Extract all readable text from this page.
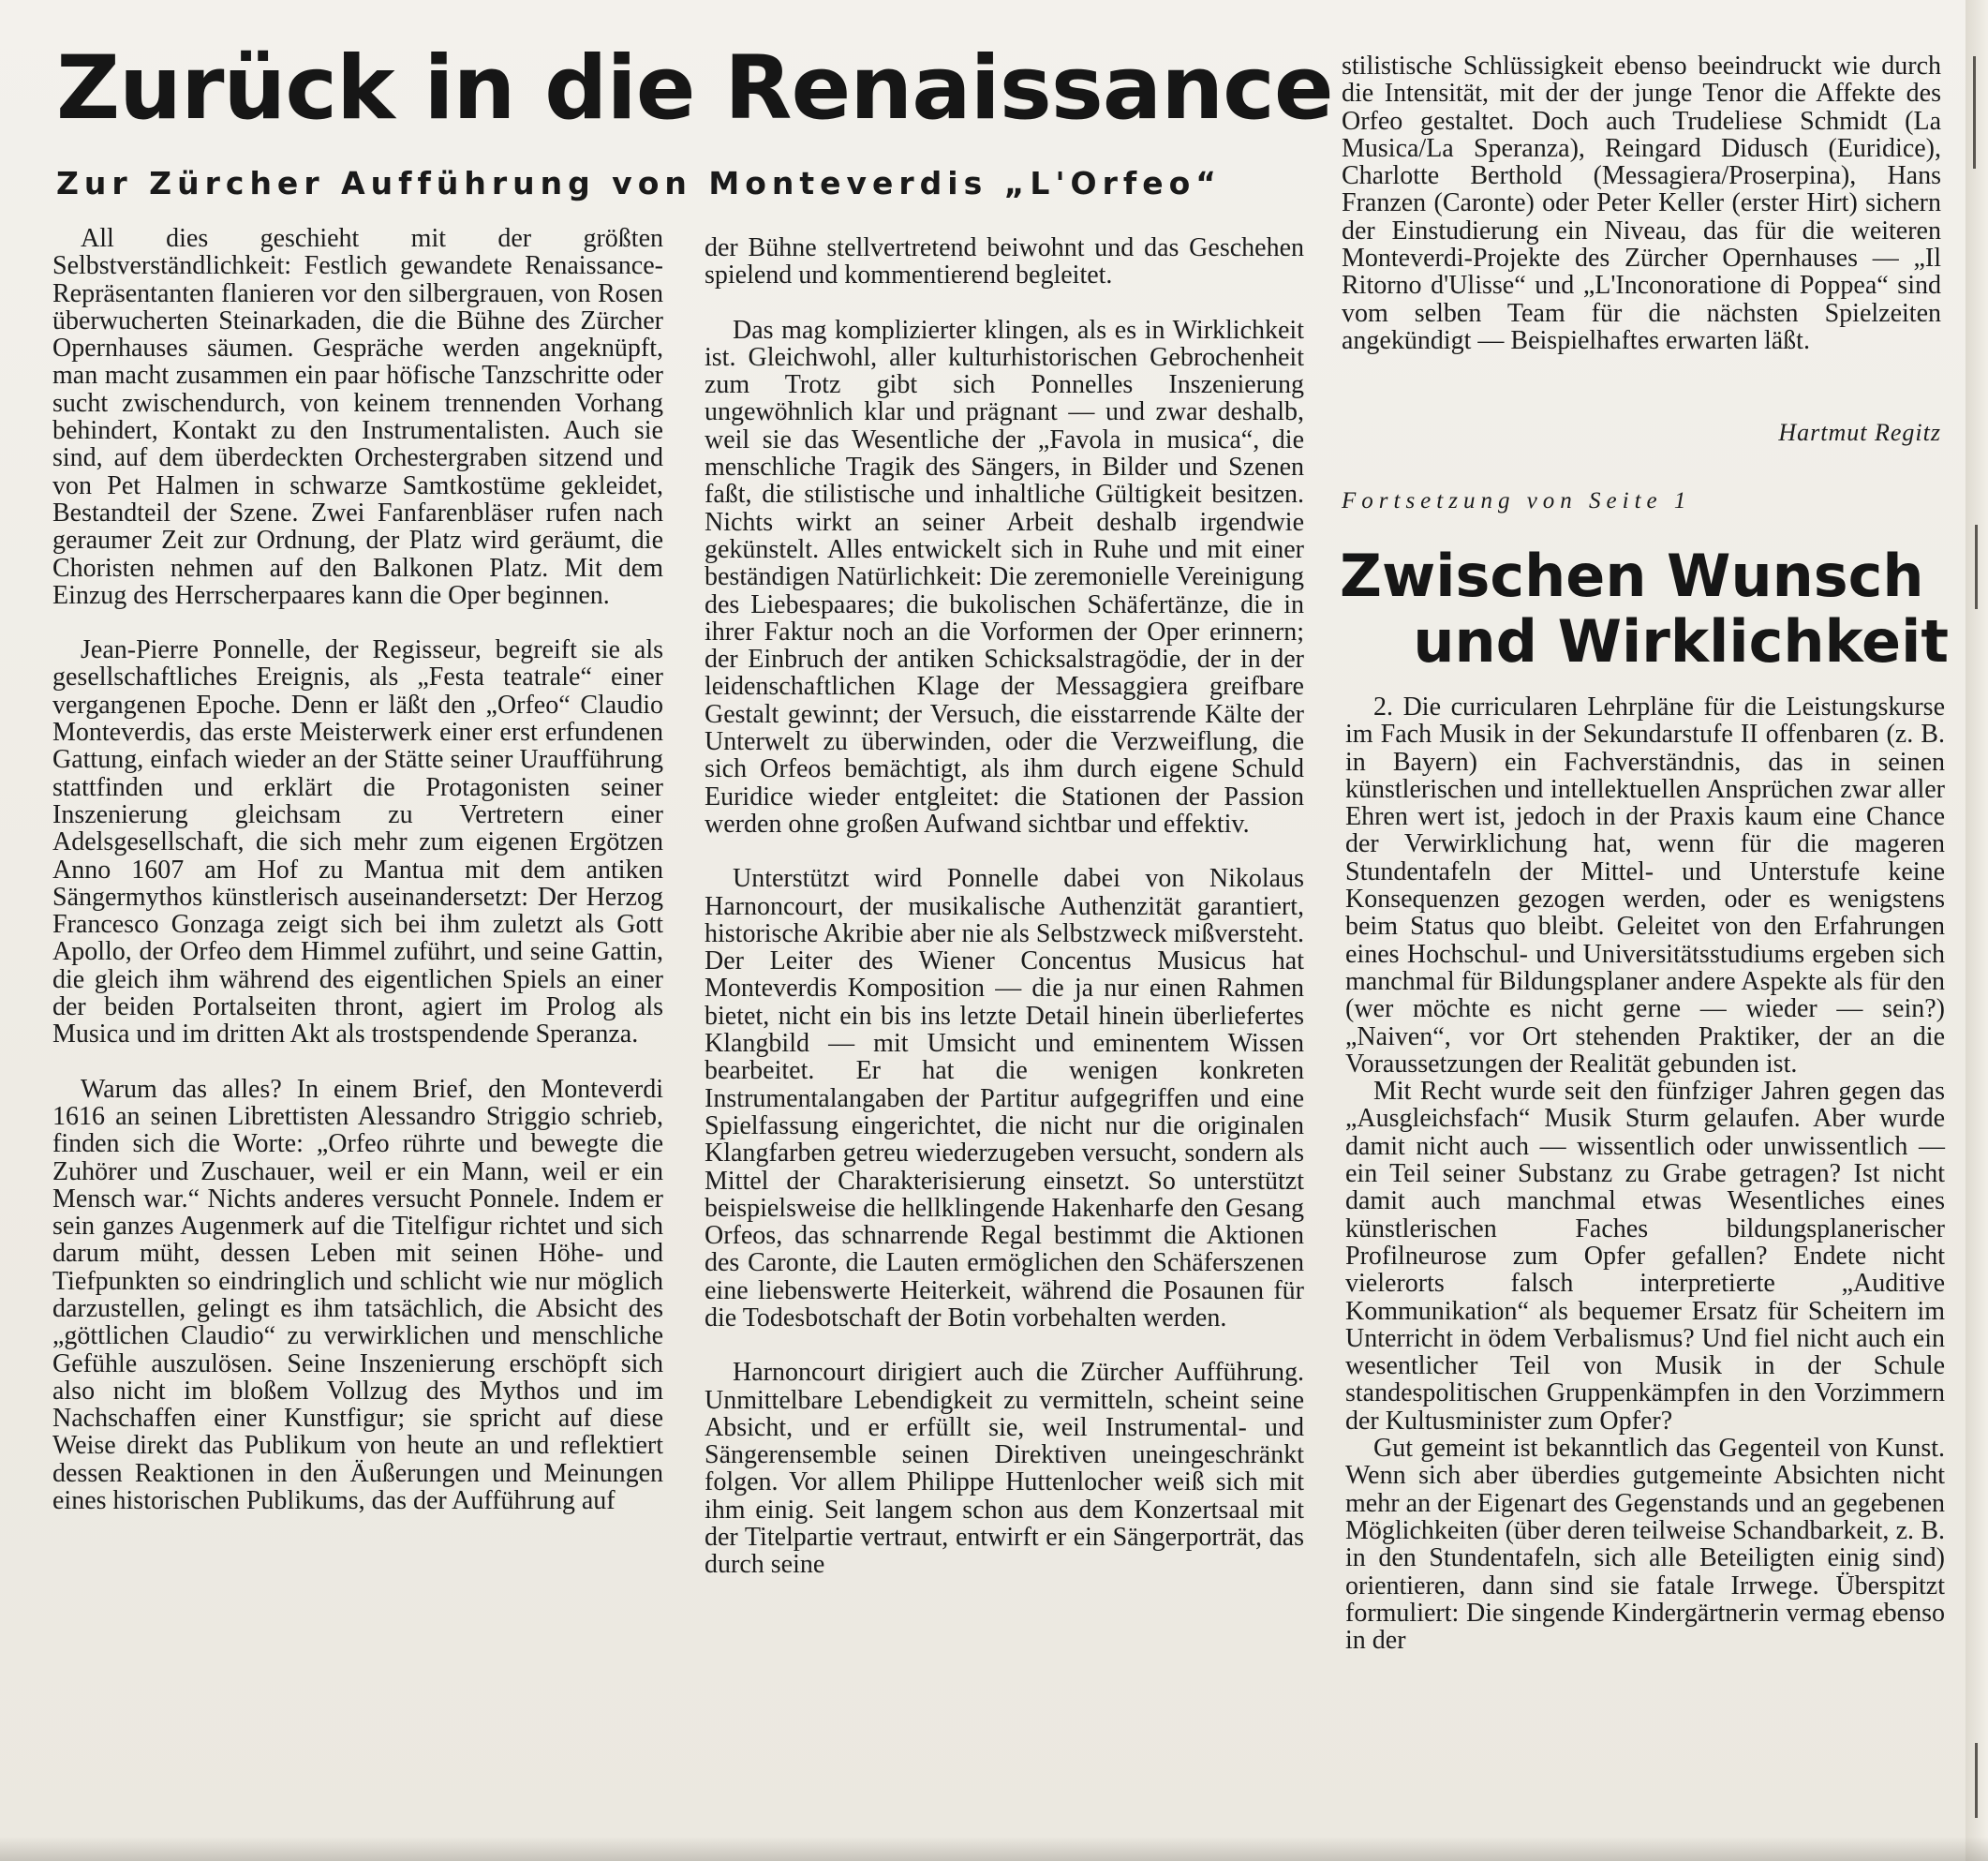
Zurück in die Renaissance
Zur Zürcher Aufführung von Monteverdis „L'Orfeo“

All dies geschieht mit der größten Selbstverständlichkeit: Festlich gewandete Renaissance-Repräsentanten flanieren vor den silbergrauen, von Rosen überwucherten Steinarkaden, die die Bühne des Zürcher Opernhauses säumen. Gespräche werden angeknüpft, man macht zusammen ein paar höfische Tanzschritte oder sucht zwischendurch, von keinem trennenden Vorhang behindert, Kontakt zu den Instrumentalisten. Auch sie sind, auf dem überdeckten Orchestergraben sitzend und von Pet Halmen in schwarze Samtkostüme gekleidet, Bestandteil der Szene. Zwei Fanfarenbläser rufen nach geraumer Zeit zur Ordnung, der Platz wird geräumt, die Choristen nehmen auf den Balkonen Platz. Mit dem Einzug des Herrscherpaares kann die Oper beginnen.

Jean-Pierre Ponnelle, der Regisseur, begreift sie als gesellschaftliches Ereignis, als „Festa teatrale“ einer vergangenen Epoche. Denn er läßt den „Orfeo“ Claudio Monteverdis, das erste Meisterwerk einer erst erfundenen Gattung, einfach wieder an der Stätte seiner Uraufführung stattfinden und erklärt die Protagonisten seiner Inszenierung gleichsam zu Vertretern einer Adelsgesellschaft, die sich mehr zum eigenen Ergötzen Anno 1607 am Hof zu Mantua mit dem antiken Sängermythos künstlerisch auseinandersetzt: Der Herzog Francesco Gonzaga zeigt sich bei ihm zuletzt als Gott Apollo, der Orfeo dem Himmel zuführt, und seine Gattin, die gleich ihm während des eigentlichen Spiels an einer der beiden Portalseiten thront, agiert im Prolog als Musica und im dritten Akt als trostspendende Speranza.

Warum das alles? In einem Brief, den Monteverdi 1616 an seinen Librettisten Alessandro Striggio schrieb, finden sich die Worte: „Orfeo rührte und bewegte die Zuhörer und Zuschauer, weil er ein Mann, weil er ein Mensch war.“ Nichts anderes versucht Ponnele. Indem er sein ganzes Augenmerk auf die Titelfigur richtet und sich darum müht, dessen Leben mit seinen Höhe- und Tiefpunkten so eindringlich und schlicht wie nur möglich darzustellen, gelingt es ihm tatsächlich, die Absicht des „göttlichen Claudio“ zu verwirklichen und menschliche Gefühle auszulösen. Seine Inszenierung erschöpft sich also nicht im bloßem Vollzug des Mythos und im Nachschaffen einer Kunstfigur; sie spricht auf diese Weise direkt das Publikum von heute an und reflektiert dessen Reaktionen in den Äußerungen und Meinungen eines historischen Publikums, das der Aufführung auf

der Bühne stellvertretend beiwohnt und das Geschehen spielend und kommentierend begleitet.

Das mag komplizierter klingen, als es in Wirklichkeit ist. Gleichwohl, aller kulturhistorischen Gebrochenheit zum Trotz gibt sich Ponnelles Inszenierung ungewöhnlich klar und prägnant — und zwar deshalb, weil sie das Wesentliche der „Favola in musica“, die menschliche Tragik des Sängers, in Bilder und Szenen faßt, die stilistische und inhaltliche Gültigkeit besitzen. Nichts wirkt an seiner Arbeit deshalb irgendwie gekünstelt. Alles entwickelt sich in Ruhe und mit einer beständigen Natürlichkeit: Die zeremonielle Vereinigung des Liebespaares; die bukolischen Schäfertänze, die in ihrer Faktur noch an die Vorformen der Oper erinnern; der Einbruch der antiken Schicksalstragödie, der in der leidenschaftlichen Klage der Messaggiera greifbare Gestalt gewinnt; der Versuch, die eisstarrende Kälte der Unterwelt zu überwinden, oder die Verzweiflung, die sich Orfeos bemächtigt, als ihm durch eigene Schuld Euridice wieder entgleitet: die Stationen der Passion werden ohne großen Aufwand sichtbar und effektiv.

Unterstützt wird Ponnelle dabei von Nikolaus Harnoncourt, der musikalische Authenzität garantiert, historische Akribie aber nie als Selbstzweck mißversteht. Der Leiter des Wiener Concentus Musicus hat Monteverdis Komposition — die ja nur einen Rahmen bietet, nicht ein bis ins letzte Detail hinein überliefertes Klangbild — mit Umsicht und eminentem Wissen bearbeitet. Er hat die wenigen konkreten Instrumentalangaben der Partitur aufgegriffen und eine Spielfassung eingerichtet, die nicht nur die originalen Klangfarben getreu wiederzugeben versucht, sondern als Mittel der Charakterisierung einsetzt. So unterstützt beispielsweise die hellklingende Hakenharfe den Gesang Orfeos, das schnarrende Regal bestimmt die Aktionen des Caronte, die Lauten ermöglichen den Schäferszenen eine liebenswerte Heiterkeit, während die Posaunen für die Todesbotschaft der Botin vorbehalten werden.

Harnoncourt dirigiert auch die Zürcher Aufführung. Unmittelbare Lebendigkeit zu vermitteln, scheint seine Absicht, und er erfüllt sie, weil Instrumental- und Sängerensemble seinen Direktiven uneingeschränkt folgen. Vor allem Philippe Huttenlocher weiß sich mit ihm einig. Seit langem schon aus dem Konzertsaal mit der Titelpartie vertraut, entwirft er ein Sängerporträt, das durch seine

stilistische Schlüssigkeit ebenso beeindruckt wie durch die Intensität, mit der der junge Tenor die Affekte des Orfeo gestaltet. Doch auch Trudeliese Schmidt (La Musica/La Speranza), Reingard Didusch (Euridice), Charlotte Berthold (Messagiera/Proserpina), Hans Franzen (Caronte) oder Peter Keller (erster Hirt) sichern der Einstudierung ein Niveau, das für die weiteren Monteverdi-Projekte des Zürcher Opernhauses — „Il Ritorno d'Ulisse“ und „L'Inconoratione di Poppea“ sind vom selben Team für die nächsten Spielzeiten angekündigt — Beispielhaftes erwarten läßt.

Hartmut Regitz
Fortsetzung von Seite 1
Zwischen Wunsch
und Wirklichkeit

2. Die curricularen Lehrpläne für die Leistungskurse im Fach Musik in der Sekundarstufe II offenbaren (z. B. in Bayern) ein Fachverständnis, das in seinen künstlerischen und intellektuellen Ansprüchen zwar aller Ehren wert ist, jedoch in der Praxis kaum eine Chance der Verwirklichung hat, wenn für die mageren Stundentafeln der Mittel- und Unterstufe keine Konsequenzen gezogen werden, oder es wenigstens beim Status quo bleibt. Geleitet von den Erfahrungen eines Hochschul- und Universitätsstudiums ergeben sich manchmal für Bildungsplaner andere Aspekte als für den (wer möchte es nicht gerne — wieder — sein?) „Naiven“, vor Ort stehenden Praktiker, der an die Voraussetzungen der Realität gebunden ist.

Mit Recht wurde seit den fünfziger Jahren gegen das „Ausgleichsfach“ Musik Sturm gelaufen. Aber wurde damit nicht auch — wissentlich oder unwissentlich — ein Teil seiner Substanz zu Grabe getragen? Ist nicht damit auch manchmal etwas Wesentliches eines künstlerischen Faches bildungsplanerischer Profilneurose zum Opfer gefallen? Endete nicht vielerorts falsch interpretierte „Auditive Kommunikation“ als bequemer Ersatz für Scheitern im Unterricht in ödem Verbalismus? Und fiel nicht auch ein wesentlicher Teil von Musik in der Schule standespolitischen Gruppenkämpfen in den Vorzimmern der Kultusminister zum Opfer?

Gut gemeint ist bekanntlich das Gegenteil von Kunst. Wenn sich aber überdies gutgemeinte Absichten nicht mehr an der Eigenart des Gegenstands und an gegebenen Möglichkeiten (über deren teilweise Schandbarkeit, z. B. in den Stundentafeln, sich alle Beteiligten einig sind) orientieren, dann sind sie fatale Irrwege. Überspitzt formuliert: Die singende Kindergärtnerin vermag ebenso in der
